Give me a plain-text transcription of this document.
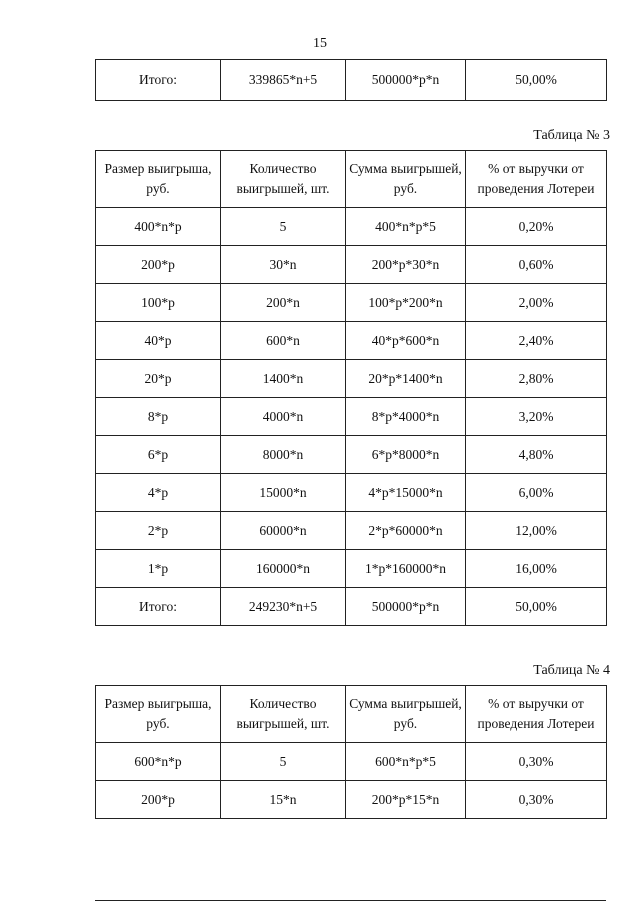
15
Итого:	339865*n+5	500000*p*n	50,00%
Таблица № 3
Размер выигрыша, руб.	Количество выигрышей, шт.	Сумма выигрышей, руб.	% от выручки от проведения Лотереи
400*n*p	5	400*n*p*5	0,20%
200*p	30*n	200*p*30*n	0,60%
100*p	200*n	100*p*200*n	2,00%
40*p	600*n	40*p*600*n	2,40%
20*p	1400*n	20*p*1400*n	2,80%
8*p	4000*n	8*p*4000*n	3,20%
6*p	8000*n	6*p*8000*n	4,80%
4*p	15000*n	4*p*15000*n	6,00%
2*p	60000*n	2*p*60000*n	12,00%
1*p	160000*n	1*p*160000*n	16,00%
Итого:	249230*n+5	500000*p*n	50,00%
Таблица № 4
Размер выигрыша, руб.	Количество выигрышей, шт.	Сумма выигрышей, руб.	% от выручки от проведения Лотереи
600*n*p	5	600*n*p*5	0,30%
200*p	15*n	200*p*15*n	0,30%
